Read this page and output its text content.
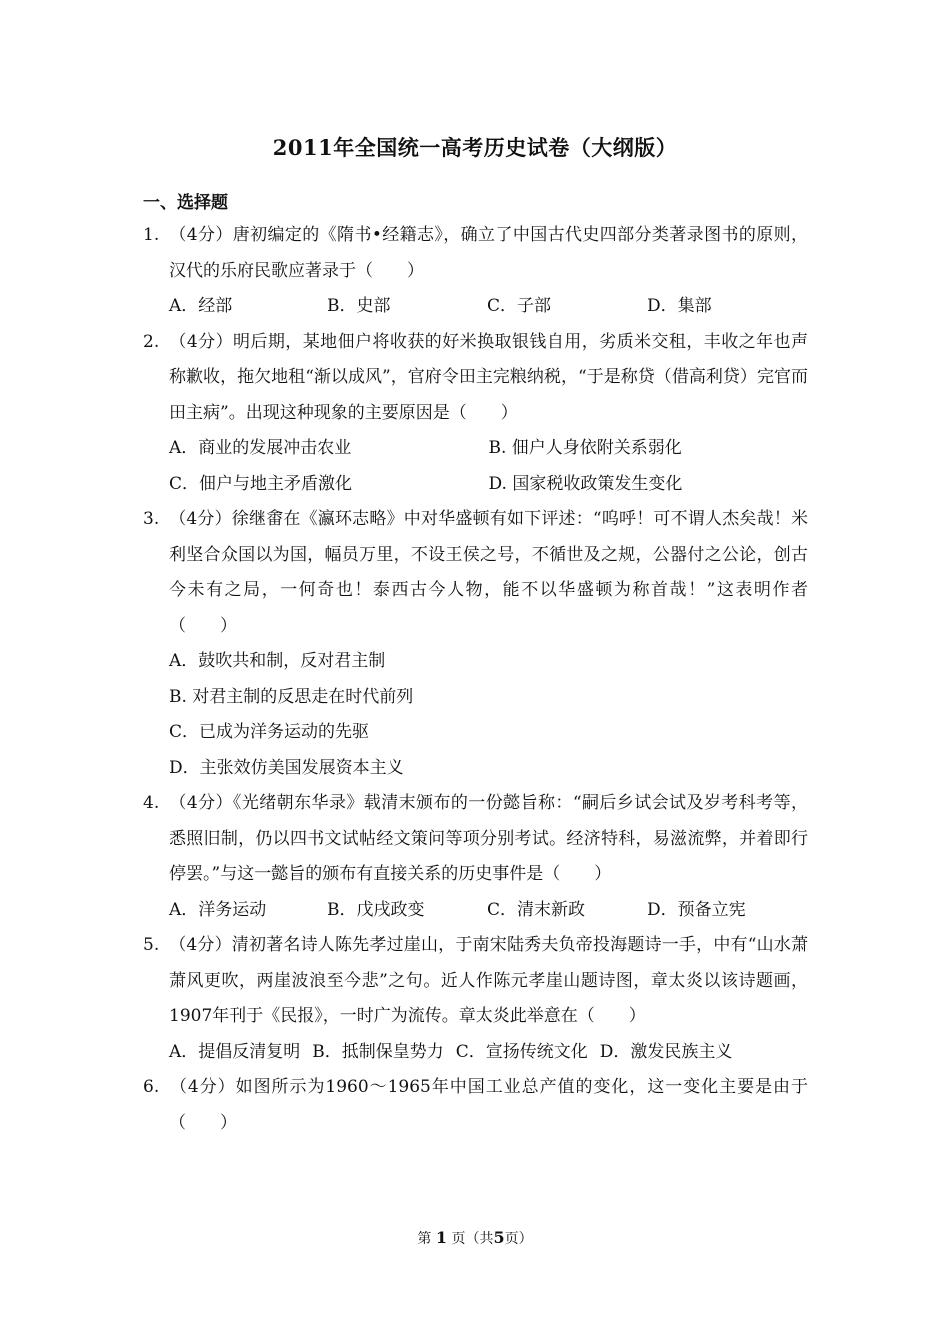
2011年全国统一高考历史试卷（大纲版）
一、选择题

1. （4分）唐初编定的《隋书•经籍志》，确立了中国古代史四部分类著录图书的原则，汉代的乐府民歌应著录于（　　）

A．经部	B．史部	C．子部	D．集部

2. （4分）明后期，某地佃户将收获的好米换取银钱自用，劣质米交租，丰收之年也声称歉收，拖欠地租“渐以成风”，官府令田主完粮纳税，“于是称贷（借高利贷）完官而田主病”。出现这种现象的主要原因是（　　）

A．商业的发展冲击农业	B. 佃户人身依附关系弱化
C．佃户与地主矛盾激化	D. 国家税收政策发生变化

3. （4分）徐继畬在《瀛环志略》中对华盛顿有如下评述：“呜呼！可不谓人杰矣哉！米利坚合众国以为国，幅员万里，不设王侯之号，不循世及之规，公器付之公论，创古今未有之局，一何奇也！泰西古今人物，能不以华盛顿为称首哉！”这表明作者（　　）

A．鼓吹共和制，反对君主制
B. 对君主制的反思走在时代前列
C．已成为洋务运动的先驱
D．主张效仿美国发展资本主义

4. （4分）《光绪朝东华录》载清末颁布的一份懿旨称：“嗣后乡试会试及岁考科考等，悉照旧制，仍以四书文试帖经文策问等项分别考试。经济特科，易滋流弊，并着即行停罢。”与这一懿旨的颁布有直接关系的历史事件是（　　）

A．洋务运动	B．戊戌政变	C．清末新政	D．预备立宪

5. （4分）清初著名诗人陈先孝过崖山，于南宋陆秀夫负帝投海题诗一手，中有“山水萧萧风更吹，两崖波浪至今悲”之句。近人作陈元孝崖山题诗图，章太炎以该诗题画，1907年刊于《民报》，一时广为流传。章太炎此举意在（　　）

A．提倡反清复明 B．抵制保皇势力 C．宣扬传统文化 D．激发民族主义

6. （4分）如图所示为1960～1965年中国工业总产值的变化，这一变化主要是由于（　　）

第 1 页（共5页）
